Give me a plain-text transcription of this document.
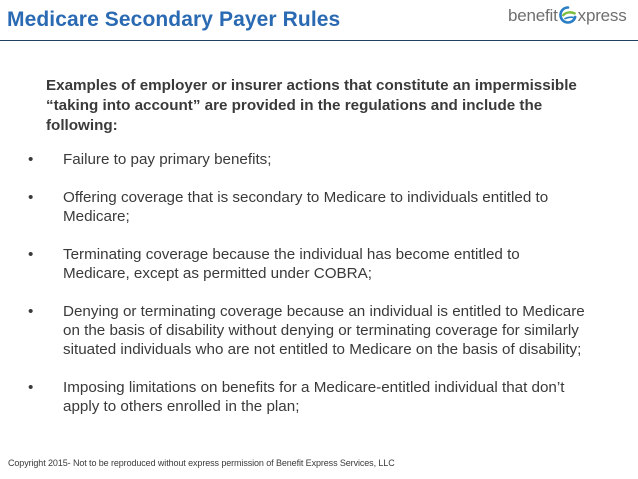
Medicare Secondary Payer Rules	benefit xpress
Examples of employer or insurer actions that constitute an impermissible “taking into account” are provided in the regulations and include the following:
•	Failure to pay primary benefits;
•	Offering coverage that is secondary to Medicare to individuals entitled to Medicare;
•	Terminating coverage because the individual has become entitled to Medicare, except as permitted under COBRA;
•	Denying or terminating coverage because an individual is entitled to Medicare on the basis of disability without denying or terminating coverage for similarly situated individuals who are not entitled to Medicare on the basis of disability;
•	Imposing limitations on benefits for a Medicare-entitled individual that don’t apply to others enrolled in the plan;
Copyright 2015- Not to be reproduced without express permission of Benefit Express Services, LLC
